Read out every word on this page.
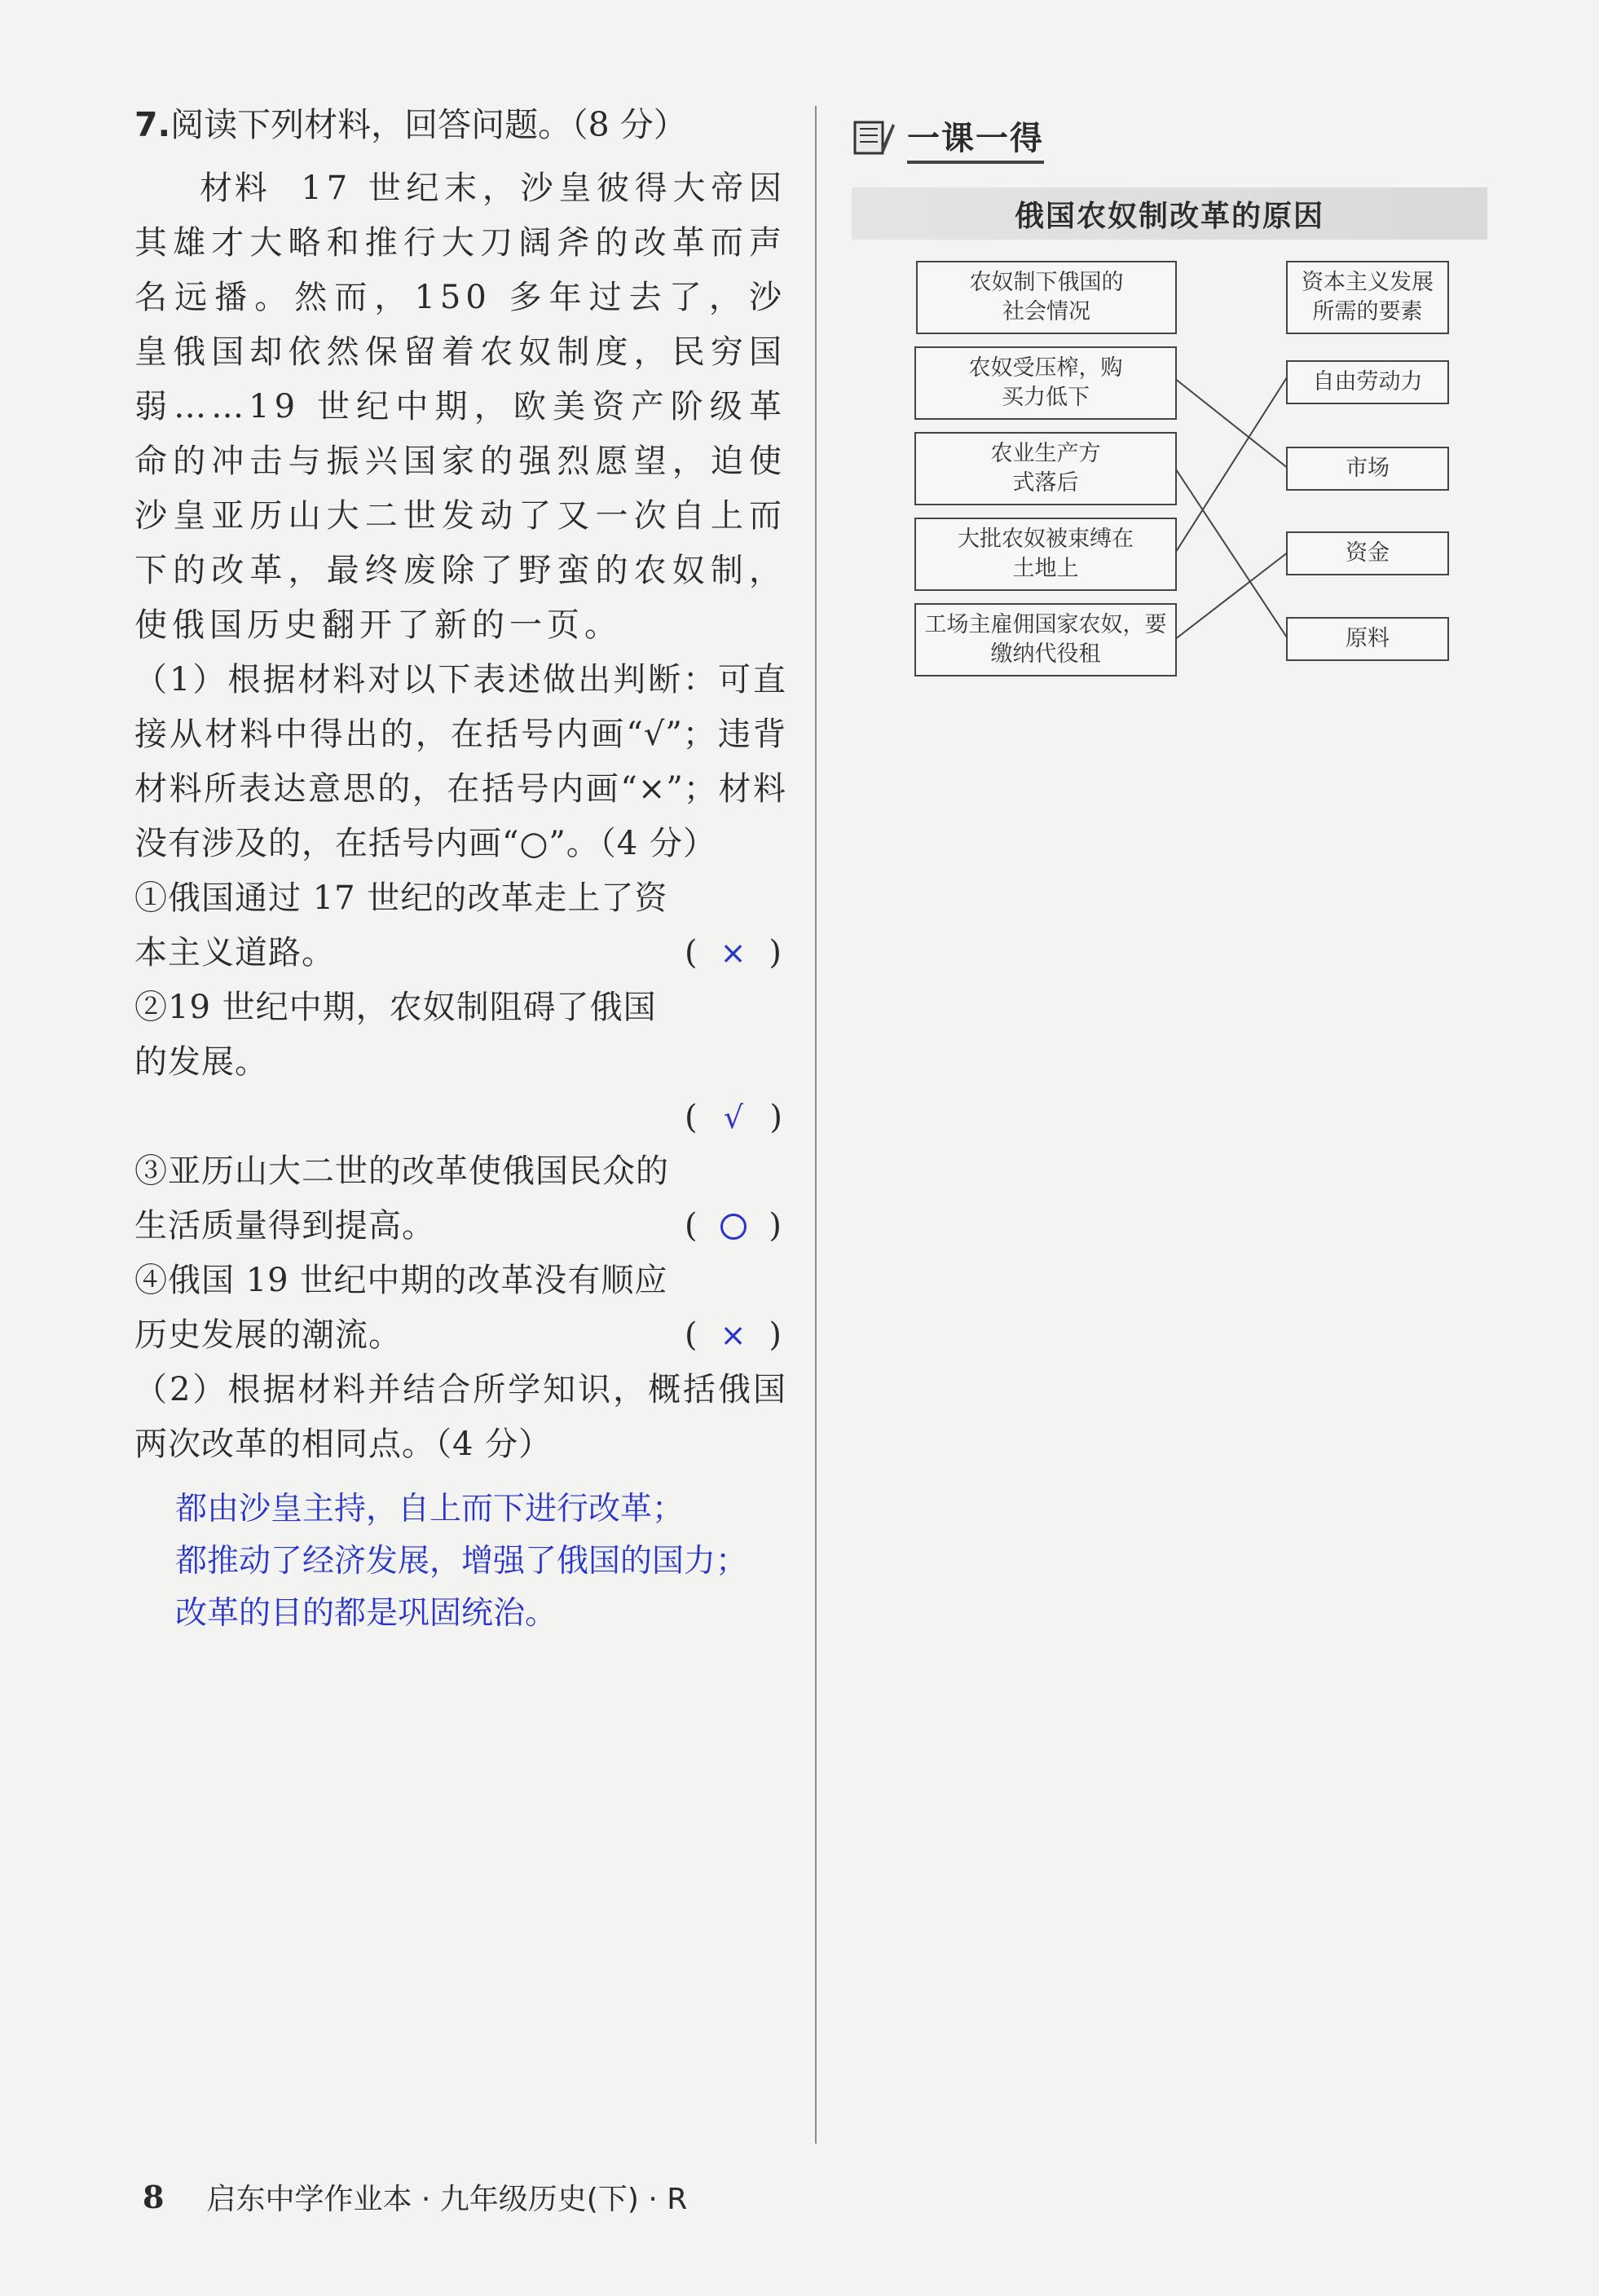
7.阅读下列材料，回答问题。（8 分）

材料 17 世纪末，沙皇彼得大帝因其雄才大略和推行大刀阔斧的改革而声名远播。然而，150 多年过去了，沙皇俄国却依然保留着农奴制度，民穷国弱……19 世纪中期，欧美资产阶级革命的冲击与振兴国家的强烈愿望，迫使沙皇亚历山大二世发动了又一次自上而下的改革，最终废除了野蛮的农奴制，使俄国历史翻开了新的一页。

（1）根据材料对以下表述做出判断：可直接从材料中得出的，在括号内画“√”；违背材料所表达意思的，在括号内画“×”；材料没有涉及的，在括号内画“○”。（4 分）

①俄国通过 17 世纪的改革走上了资本主义道路。	( × )
②19 世纪中期，农奴制阻碍了俄国的发展。
( √ )
③亚历山大二世的改革使俄国民众的生活质量得到提高。	( )
④俄国 19 世纪中期的改革没有顺应历史发展的潮流。	( × )

（2）根据材料并结合所学知识，概括俄国两次改革的相同点。（4 分）

都由沙皇主持，自上而下进行改革；
都推动了经济发展，增强了俄国的国力；
改革的目的都是巩固统治。
一课一得
俄国农奴制改革的原因
农奴制下俄国的社会情况
资本主义发展所需的要素
农奴受压榨，购买力低下
农业生产方式落后
大批农奴被束缚在土地上
工场主雇佣国家农奴，要缴纳代役租
自由劳动力
市场
资金
原料
8 启东中学作业本 · 九年级历史(下) · R
